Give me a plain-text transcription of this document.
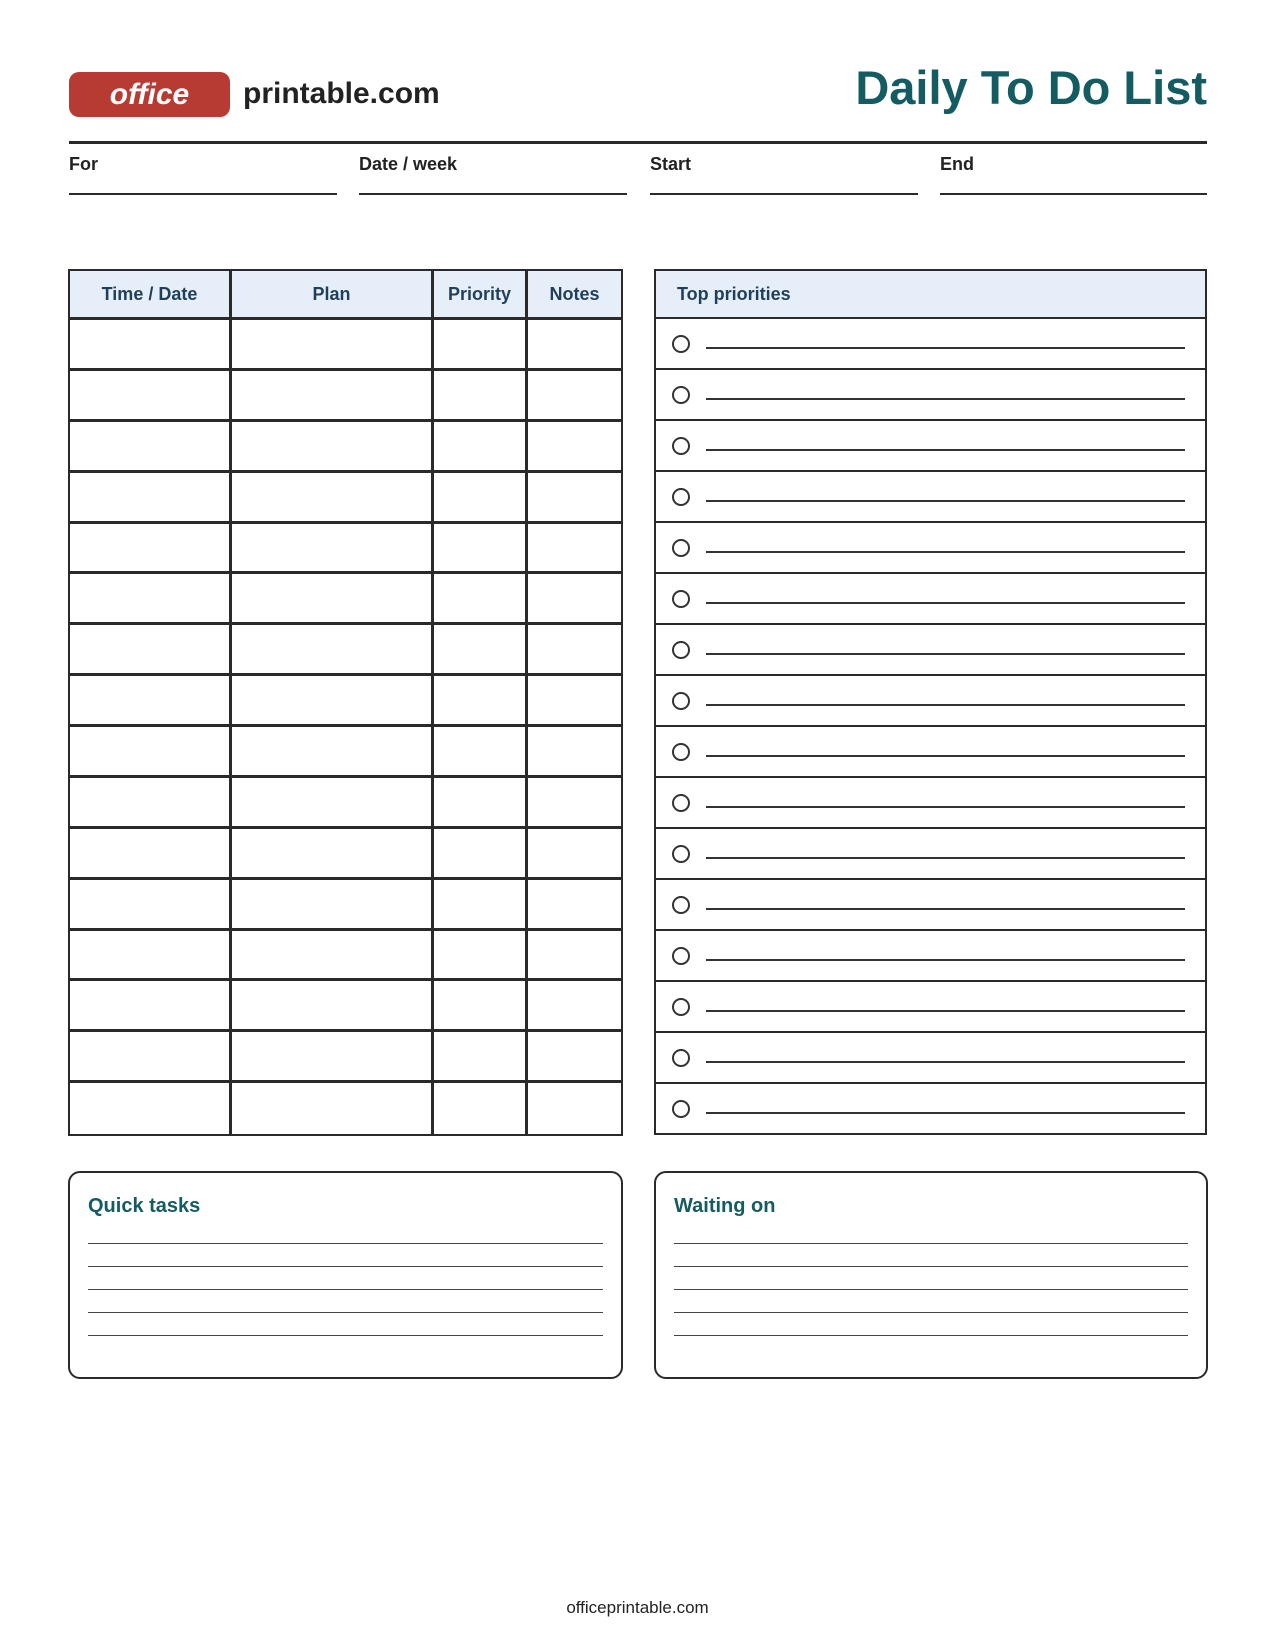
office	printable.com	Daily To Do List
For	Date / week	Start	End
Time / Date	Plan	Priority	Notes	Top priorities
Quick tasks	Waiting on
officeprintable.com
